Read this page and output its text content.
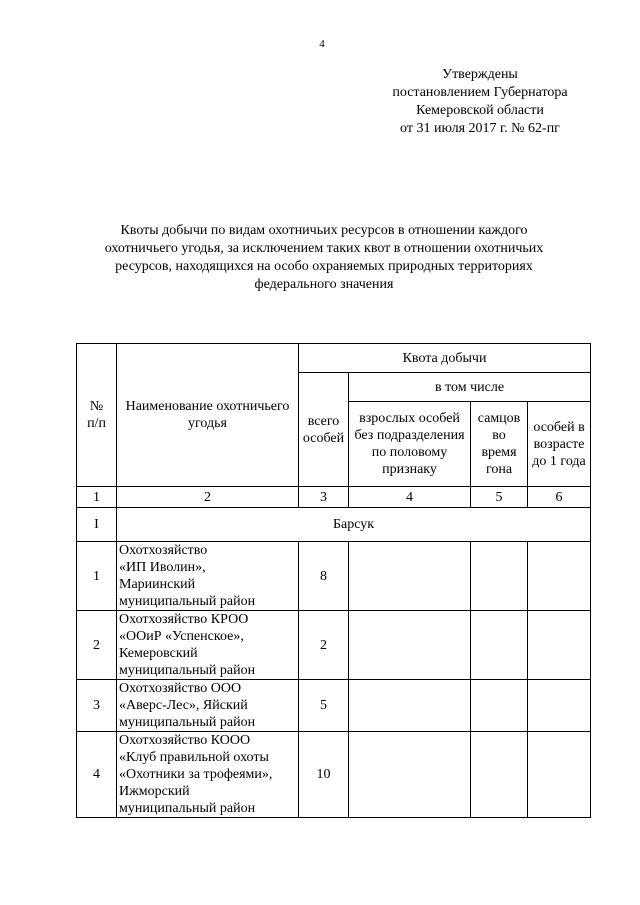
4
Утверждены
постановлением Губернатора
Кемеровской области
от 31 июля 2017 г. № 62-пг
Квоты добычи по видам охотничьих ресурсов в отношении каждого
охотничьего угодья, за исключением таких квот в отношении охотничьих
ресурсов, находящихся на особо охраняемых природных территориях
федерального значения
№
п/п	Наименование охотничьего угодья	Квота добычи			
		всего особей	в том числе		
			взрослых особей без подразделения по половому признаку	самцов во время гона	особей в возрасте до 1 года
1	2	3	4	5	6
I	Барсук				
1	Охотхозяйство
«ИП Иволин»,
Мариинский
муниципальный район	8			
2	Охотхозяйство КРОО
«ООиР «Успенское»,
Кемеровский
муниципальный район	2			
3	Охотхозяйство ООО
«Аверс-Лес», Яйский
муниципальный район	5			
4	Охотхозяйство КООО
«Клуб правильной охоты
«Охотники за трофеями»,
Ижморский
муниципальный район	10			
